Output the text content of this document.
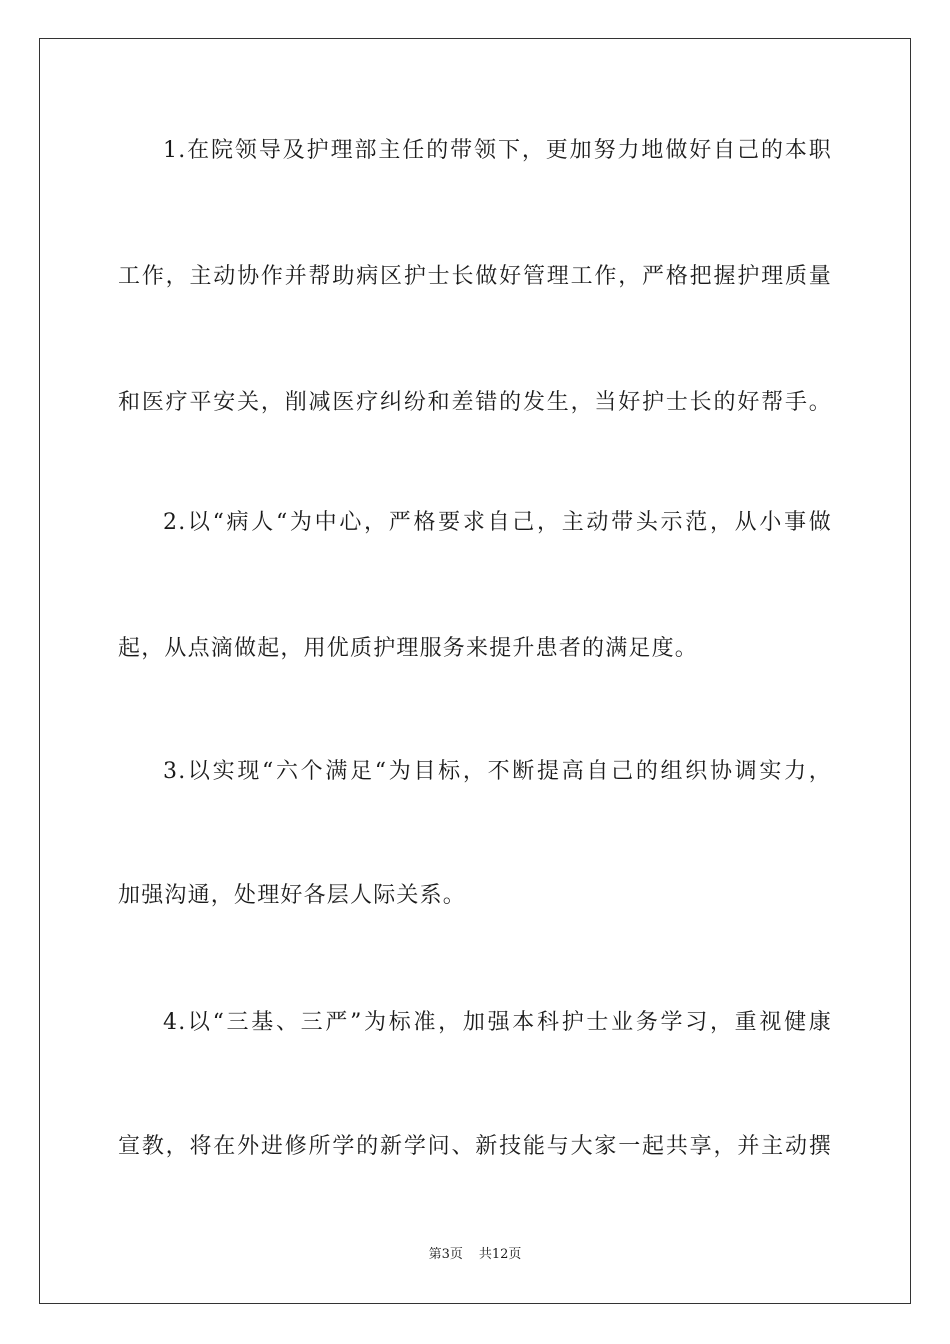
1.在院领导及护理部主任的带领下，更加努力地做好自己的本职
工作，主动协作并帮助病区护士长做好管理工作，严格把握护理质量
和医疗平安关，削减医疗纠纷和差错的发生，当好护士长的好帮手。
2.以“病人“为中心，严格要求自己，主动带头示范，从小事做
起，从点滴做起，用优质护理服务来提升患者的满足度。
3.以实现“六个满足“为目标，不断提高自己的组织协调实力，
加强沟通，处理好各层人际关系。
4.以“三基、三严”为标准，加强本科护士业务学习，重视健康
宣教，将在外进修所学的新学问、新技能与大家一起共享，并主动撰
第3页 共12页
